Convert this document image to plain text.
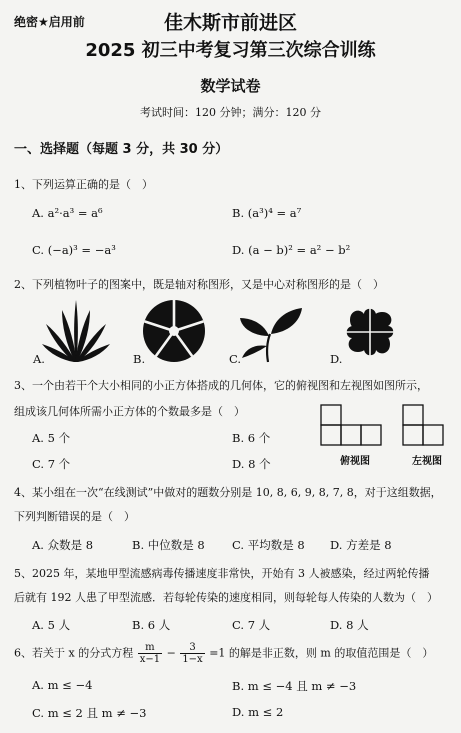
绝密★启用前	佳木斯市前进区
2025 初三中考复习第三次综合训练
数学试卷
考试时间：120 分钟；满分：120 分
一、选择题（每题 3 分，共 30 分）
1、下列运算正确的是（　）
A. a²·a³ = a⁶	B. (a³)⁴ = a⁷
C. (−a)³ = −a³	D. (a − b)² = a² − b²
2、下列植物叶子的图案中，既是轴对称图形，又是中心对称图形的是（　）
A.	B.	C.	D.
3、一个由若干个大小相同的小正方体搭成的几何体，它的俯视图和左视图如图所示，
组成该几何体所需小正方体的个数最多是（　）
A. 5 个	B. 6 个
C. 7 个	D. 8 个	俯视图	左视图
4、某小组在一次“在线测试”中做对的题数分别是 10, 8, 6, 9, 8, 7, 8，对于这组数据，
下列判断错误的是（　）
A. 众数是 8	B. 中位数是 8 C. 平均数是 8 D. 方差是 8
5、2025 年，某地甲型流感病毒传播速度非常快，开始有 3 人被感染，经过两轮传播
后就有 192 人患了甲型流感．若每轮传染的速度相同，则每轮每人传染的人数为（　）
A. 5 人	B. 6 人	C. 7 人	D. 8 人
6、若关于 x 的分式方程 $\frac{m}{x-1} - \frac{3}{1-x} =1$ 的解是非正数，则 m 的取值范围是（　）
A. m ≤ −4	B. m ≤ −4 且 m ≠ −3
C. m ≤ 2 且 m ≠ −3	D. m ≤ 2
